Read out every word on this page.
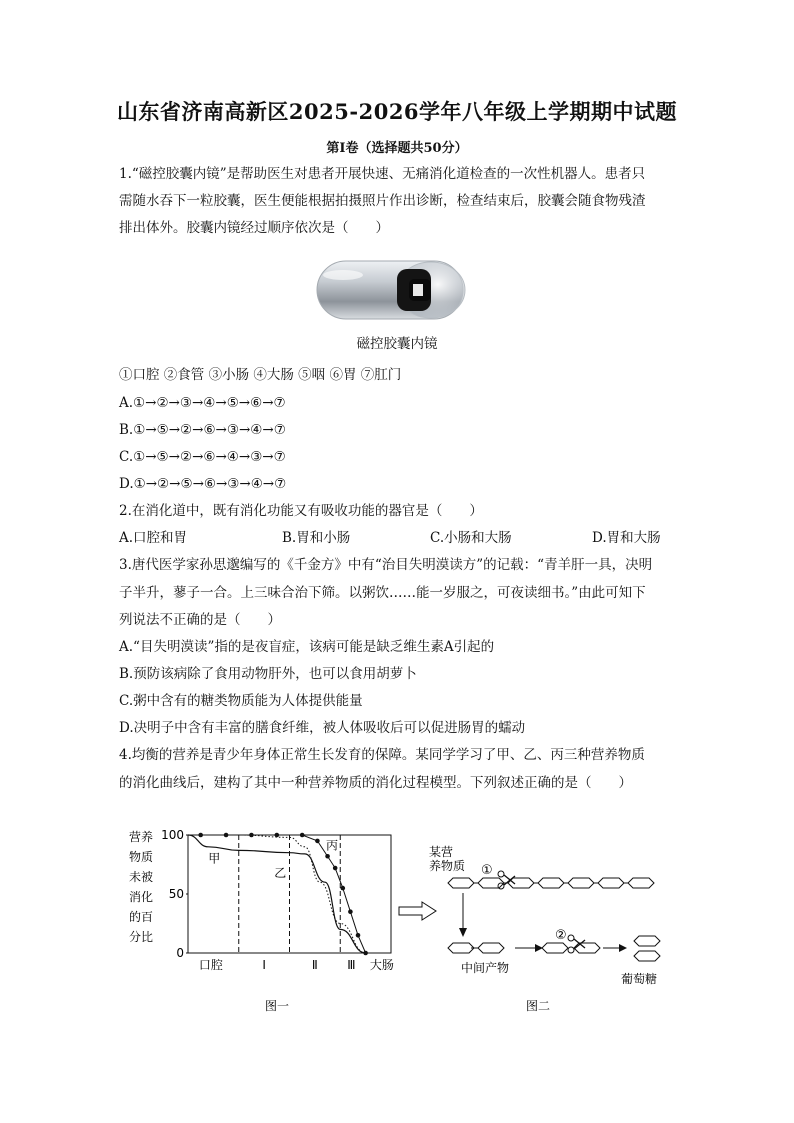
山东省济南高新区2025-2026学年八年级上学期期中试题
第Ⅰ卷（选择题共50分）
1.“磁控胶囊内镜”是帮助医生对患者开展快速、无痛消化道检查的一次性机器人。患者只
需随水吞下一粒胶囊，医生便能根据拍摄照片作出诊断，检查结束后，胶囊会随食物残渣
排出体外。胶囊内镜经过顺序依次是（　　）
磁控胶囊内镜
①口腔 ②食管 ③小肠 ④大肠 ⑤咽 ⑥胃 ⑦肛门
A.①→②→③→④→⑤→⑥→⑦
B.①→⑤→②→⑥→③→④→⑦
C.①→⑤→②→⑥→④→③→⑦
D.①→②→⑤→⑥→③→④→⑦
2.在消化道中，既有消化功能又有吸收功能的器官是（　　）
A.口腔和胃	B.胃和小肠	C.小肠和大肠	D.胃和大肠
3.唐代医学家孙思邈编写的《千金方》中有“治目失明漠读方”的记载：“青羊肝一具，决明
子半升，蓼子一合。上三味合治下筛。以粥饮……能一岁服之，可夜读细书。”由此可知下
列说法不正确的是（　　）
A.“目失明漠读”指的是夜盲症，该病可能是缺乏维生素A引起的
B.预防该病除了食用动物肝外，也可以食用胡萝卜
C.粥中含有的糖类物质能为人体提供能量
D.决明子中含有丰富的膳食纤维，被人体吸收后可以促进肠胃的蠕动
4.均衡的营养是青少年身体正常生长发育的保障。某同学学习了甲、乙、丙三种营养物质
的消化曲线后，建构了其中一种营养物质的消化过程模型。下列叙述正确的是（　　）
营养
物质
未被
消化
的百
分比
0
50
100
口腔	Ⅰ	Ⅱ Ⅲ 大肠
甲
乙
丙
图一
某营
养物 质 ①
中间产物
②
葡萄糖
图二
